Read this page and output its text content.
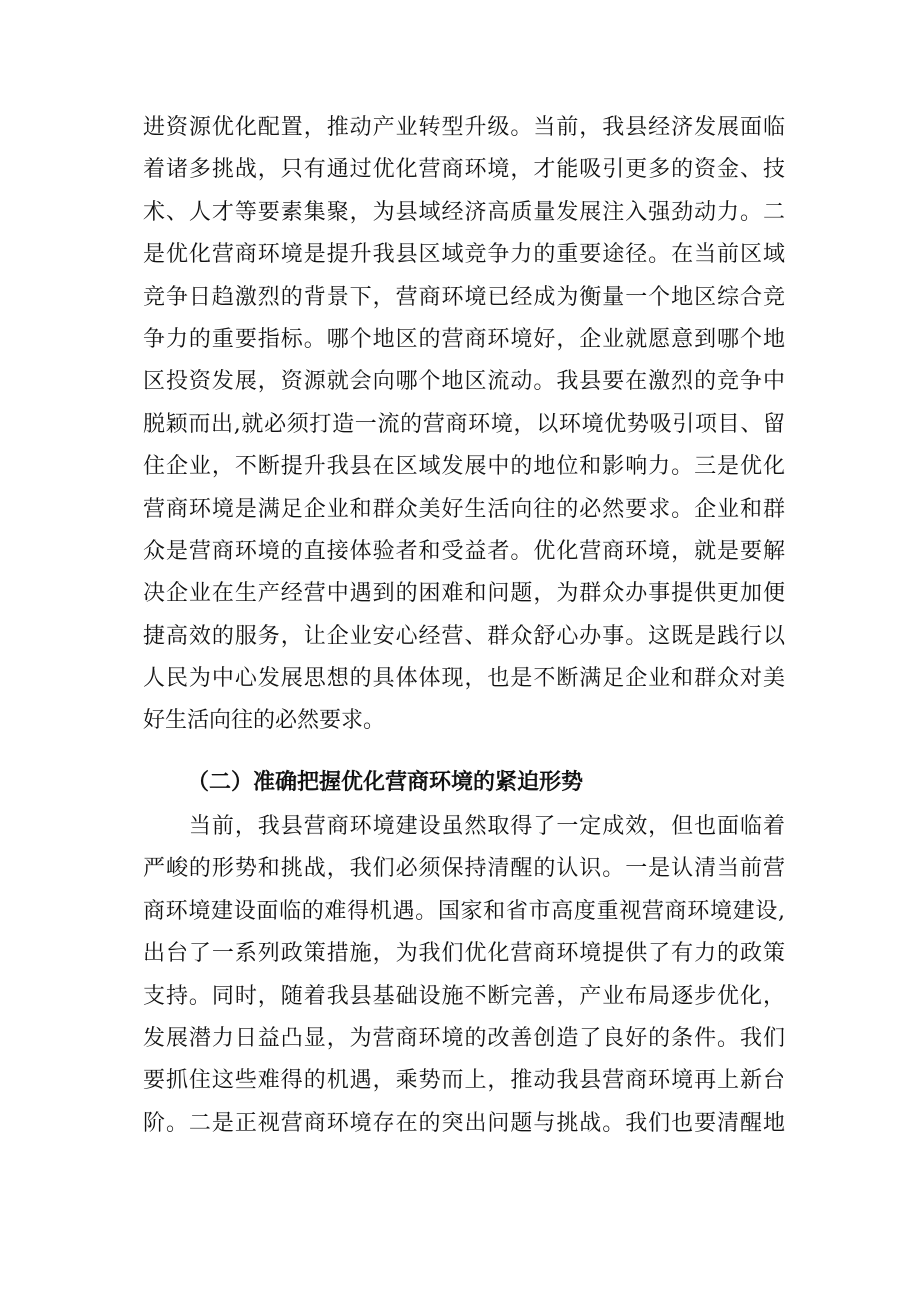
进资源优化配置，推动产业转型升级。当前，我县经济发展面临
着诸多挑战，只有通过优化营商环境，才能吸引更多的资金、技
术、人才等要素集聚，为县域经济高质量发展注入强劲动力。二
是优化营商环境是提升我县区域竞争力的重要途径。在当前区域
竞争日趋激烈的背景下，营商环境已经成为衡量一个地区综合竞
争力的重要指标。哪个地区的营商环境好，企业就愿意到哪个地
区投资发展，资源就会向哪个地区流动。我县要在激烈的竞争中
脱颖而出,就必须打造一流的营商环境，以环境优势吸引项目、留
住企业，不断提升我县在区域发展中的地位和影响力。三是优化
营商环境是满足企业和群众美好生活向往的必然要求。企业和群
众是营商环境的直接体验者和受益者。优化营商环境，就是要解
决企业在生产经营中遇到的困难和问题，为群众办事提供更加便
捷高效的服务，让企业安心经营、群众舒心办事。这既是践行以
人民为中心发展思想的具体体现，也是不断满足企业和群众对美
好生活向往的必然要求。
（二）准确把握优化营商环境的紧迫形势
　　当前，我县营商环境建设虽然取得了一定成效，但也面临着
严峻的形势和挑战，我们必须保持清醒的认识。一是认清当前营
商环境建设面临的难得机遇。国家和省市高度重视营商环境建设,
出台了一系列政策措施，为我们优化营商环境提供了有力的政策
支持。同时，随着我县基础设施不断完善，产业布局逐步优化，
发展潜力日益凸显，为营商环境的改善创造了良好的条件。我们
要抓住这些难得的机遇，乘势而上，推动我县营商环境再上新台
阶。二是正视营商环境存在的突出问题与挑战。我们也要清醒地
